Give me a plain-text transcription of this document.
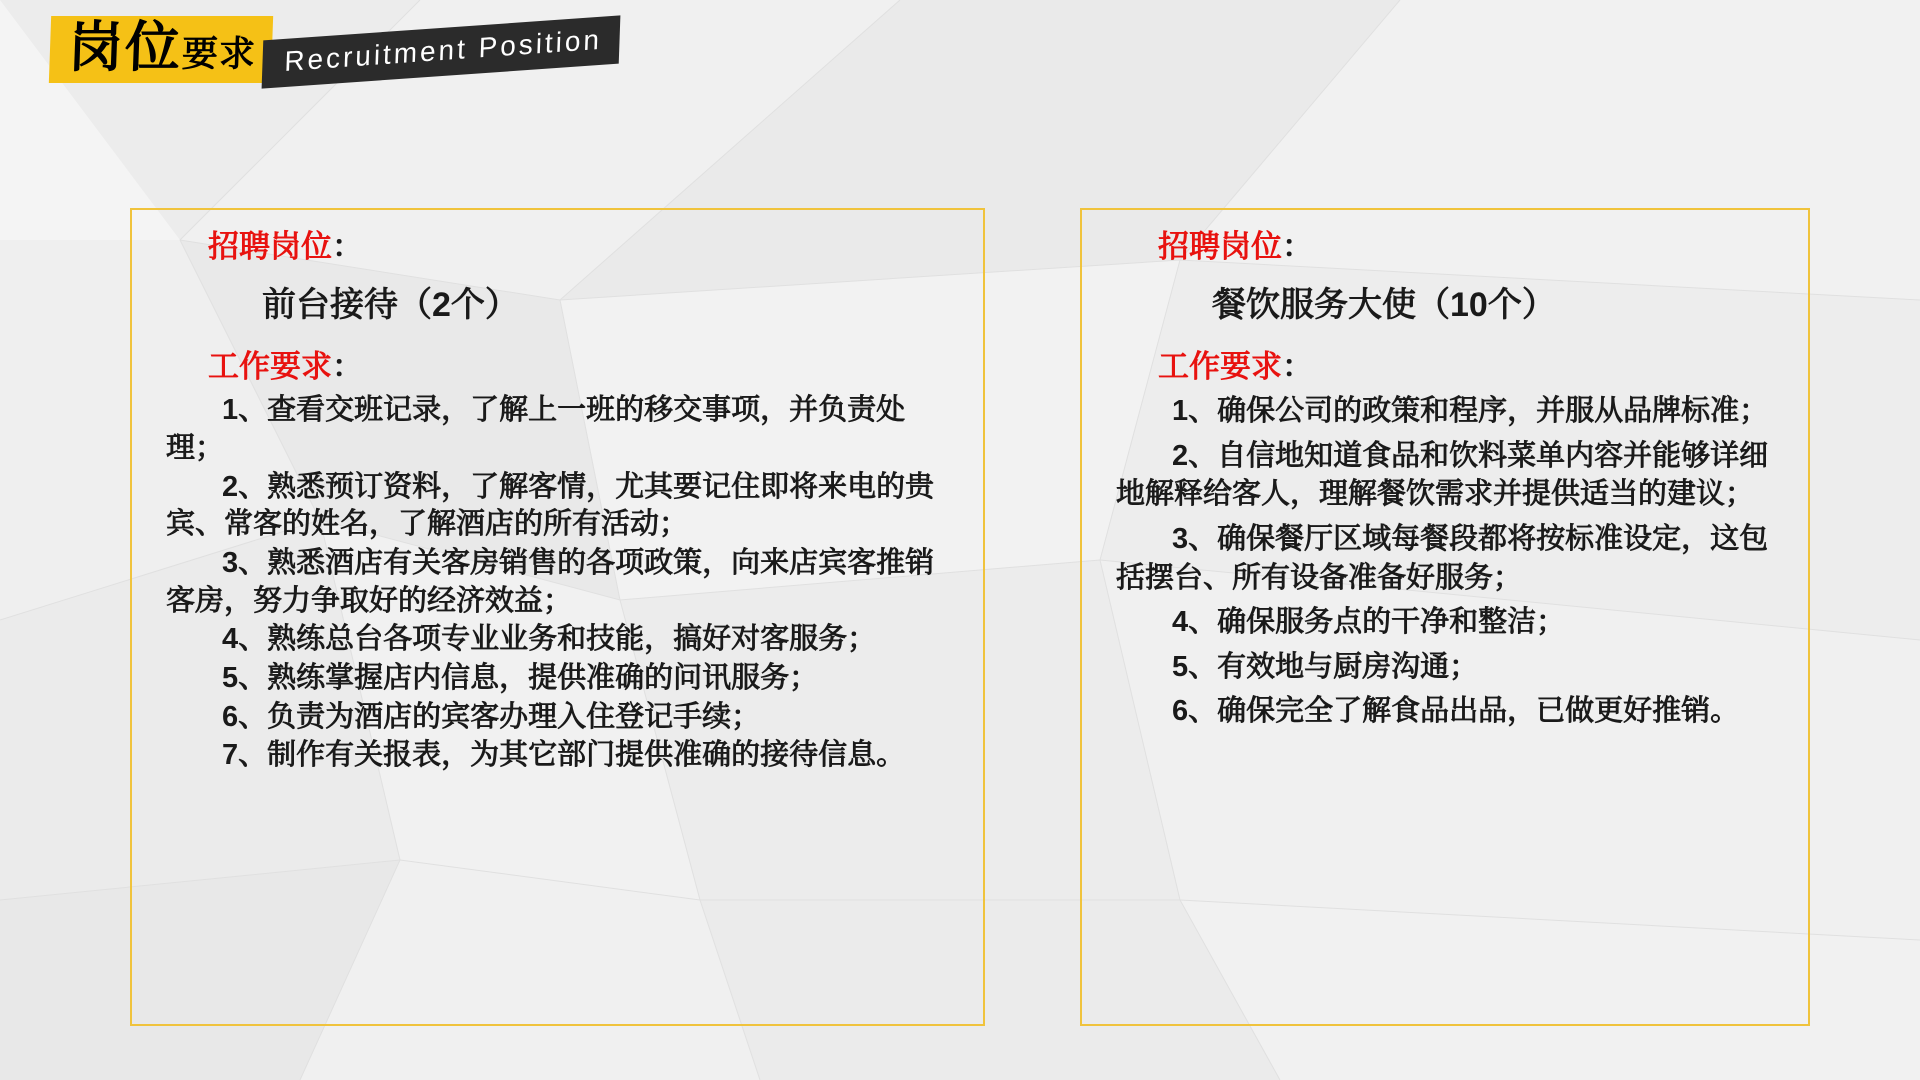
岗位要求 Recruitment Position
招聘岗位：
前台接待（2个）
工作要求：
1、查看交班记录，了解上一班的移交事项，并负责处理；
2、熟悉预订资料，了解客情，尤其要记住即将来电的贵宾、常客的姓名，了解酒店的所有活动；
3、熟悉酒店有关客房销售的各项政策，向来店宾客推销客房，努力争取好的经济效益；
4、熟练总台各项专业业务和技能，搞好对客服务；
5、熟练掌握店内信息，提供准确的问讯服务；
6、负责为酒店的宾客办理入住登记手续；
7、制作有关报表，为其它部门提供准确的接待信息。
招聘岗位：
餐饮服务大使（10个）
工作要求：
1、确保公司的政策和程序，并服从品牌标准；
2、自信地知道食品和饮料菜单内容并能够详细地解释给客人，理解餐饮需求并提供适当的建议；
3、确保餐厅区域每餐段都将按标准设定，这包括摆台、所有设备准备好服务；
4、确保服务点的干净和整洁；
5、有效地与厨房沟通；
6、确保完全了解食品出品，已做更好推销。
